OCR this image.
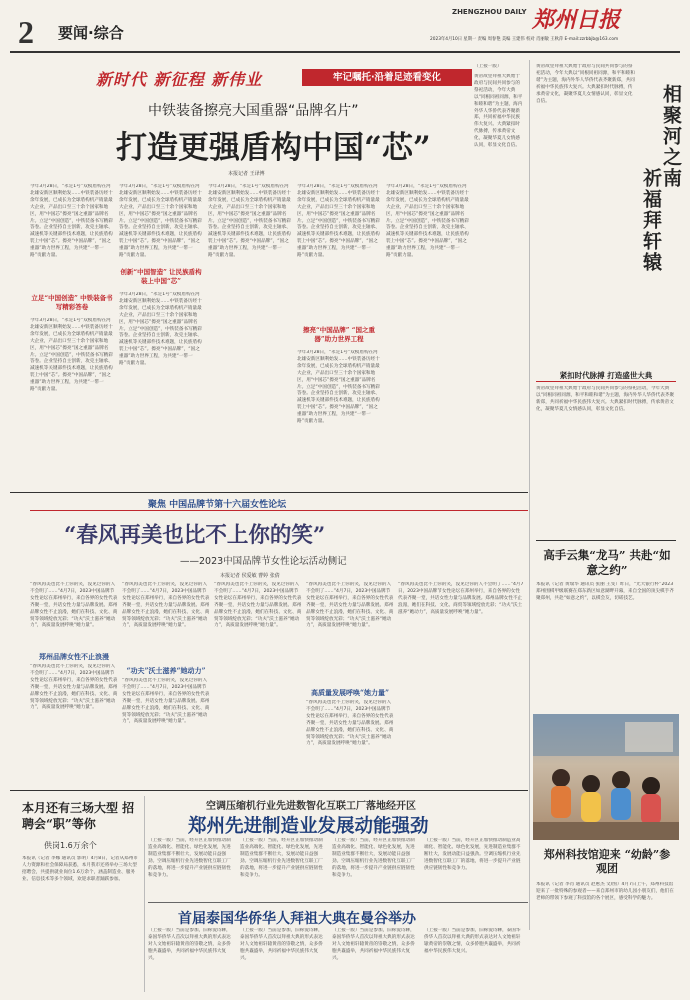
2 要闻·综合
ZHENGZHOU DAILY 郑州日报
2023年4月10日 星期一 责编 周春艳 美编 王建伟 校对 肖丽敏 王秋萍 E-mail:zzrbbjb@163.com
新时代 新征程 新伟业	牢记嘱托·沿着足迹看变化
中铁装备擦亮大国重器“品牌名片”
打造更强盾构中国“芯”
本报记者 王译博
今年3月28日，“永定1号”双模盾构在河北雄安新区顺利始发……中铁装备历经十余年发展，已成长为全球盾构机产销量最大企业，产品出口至三十余个国家和地区，用“中国芯”擦亮“国之重器”品牌名片。立足“中国创造”，中铁装备书写精彩答卷。企业坚持自主创新，攻克主轴承、减速机等关键部件技术难题，让民族盾构装上中国“芯”。擦亮“中国品牌”，“国之重器”助力世界工程，为共建“一带一路”贡献力量。
立足“中国创造” 中铁装备书写精彩答卷
今年3月28日，“永定1号”双模盾构在河北雄安新区顺利始发……中铁装备历经十余年发展，已成长为全球盾构机产销量最大企业，产品出口至三十余个国家和地区，用“中国芯”擦亮“国之重器”品牌名片。立足“中国创造”，中铁装备书写精彩答卷。企业坚持自主创新，攻克主轴承、减速机等关键部件技术难题，让民族盾构装上中国“芯”。擦亮“中国品牌”，“国之重器”助力世界工程，为共建“一带一路”贡献力量。
今年3月28日，“永定1号”双模盾构在河北雄安新区顺利始发……中铁装备历经十余年发展，已成长为全球盾构机产销量最大企业，产品出口至三十余个国家和地区，用“中国芯”擦亮“国之重器”品牌名片。立足“中国创造”，中铁装备书写精彩答卷。企业坚持自主创新，攻克主轴承、减速机等关键部件技术难题，让民族盾构装上中国“芯”。擦亮“中国品牌”，“国之重器”助力世界工程，为共建“一带一路”贡献力量。
创新“中国智造” 让民族盾构装上中国“芯”
今年3月28日，“永定1号”双模盾构在河北雄安新区顺利始发……中铁装备历经十余年发展，已成长为全球盾构机产销量最大企业，产品出口至三十余个国家和地区，用“中国芯”擦亮“国之重器”品牌名片。立足“中国创造”，中铁装备书写精彩答卷。企业坚持自主创新，攻克主轴承、减速机等关键部件技术难题，让民族盾构装上中国“芯”。擦亮“中国品牌”，“国之重器”助力世界工程，为共建“一带一路”贡献力量。
今年3月28日，“永定1号”双模盾构在河北雄安新区顺利始发……中铁装备历经十余年发展，已成长为全球盾构机产销量最大企业，产品出口至三十余个国家和地区，用“中国芯”擦亮“国之重器”品牌名片。立足“中国创造”，中铁装备书写精彩答卷。企业坚持自主创新，攻克主轴承、减速机等关键部件技术难题，让民族盾构装上中国“芯”。擦亮“中国品牌”，“国之重器”助力世界工程，为共建“一带一路”贡献力量。
今年3月28日，“永定1号”双模盾构在河北雄安新区顺利始发……中铁装备历经十余年发展，已成长为全球盾构机产销量最大企业，产品出口至三十余个国家和地区，用“中国芯”擦亮“国之重器”品牌名片。立足“中国创造”，中铁装备书写精彩答卷。企业坚持自主创新，攻克主轴承、减速机等关键部件技术难题，让民族盾构装上中国“芯”。擦亮“中国品牌”，“国之重器”助力世界工程，为共建“一带一路”贡献力量。
擦亮“中国品牌” “国之重器”助力世界工程
今年3月28日，“永定1号”双模盾构在河北雄安新区顺利始发……中铁装备历经十余年发展，已成长为全球盾构机产销量最大企业，产品出口至三十余个国家和地区，用“中国芯”擦亮“国之重器”品牌名片。立足“中国创造”，中铁装备书写精彩答卷。企业坚持自主创新，攻克主轴承、减速机等关键部件技术难题，让民族盾构装上中国“芯”。擦亮“中国品牌”，“国之重器”助力世界工程，为共建“一带一路”贡献力量。
今年3月28日，“永定1号”双模盾构在河北雄安新区顺利始发……中铁装备历经十余年发展，已成长为全球盾构机产销量最大企业，产品出口至三十余个国家和地区，用“中国芯”擦亮“国之重器”品牌名片。立足“中国创造”，中铁装备书写精彩答卷。企业坚持自主创新，攻克主轴承、减速机等关键部件技术难题，让民族盾构装上中国“芯”。擦亮“中国品牌”，“国之重器”助力世界工程，为共建“一带一路”贡献力量。
（上接一版）
黄帝故里拜祖大典始于政府与民间共同参与的祭祀活动，今年大典以“同根同祖同源，和平和睦和谐”为主题，海内外华人华侨代表齐聚新郑，共同祈福中华民族伟大复兴。大典紧扣时代脉搏，传承黄帝文化，凝聚华夏儿女情感认同，彰显文化自信。
黄帝故里拜祖大典始于政府与民间共同参与的祭祀活动，今年大典以“同根同祖同源，和平和睦和谐”为主题，海内外华人华侨代表齐聚新郑，共同祈福中华民族伟大复兴。大典紧扣时代脉搏，传承黄帝文化，凝聚华夏儿女情感认同，彰显文化自信。	相聚河之南
祈福拜轩辕
紧扣时代脉搏 打造盛世大典
黄帝故里拜祖大典始于政府与民间共同参与的祭祀活动，今年大典以“同根同祖同源，和平和睦和谐”为主题，海内外华人华侨代表齐聚新郑，共同祈福中华民族伟大复兴。大典紧扣时代脉搏，传承黄帝文化，凝聚华夏儿女情感认同，彰显文化自信。
聚焦 中国品牌节第十六届女性论坛
“春风再美也比不上你的笑”
——2023中国品牌节女性论坛活动侧记
本报记者 侯爱敏 曹婷 张倩
“春风再美也比不上你的笑，没见过你的人不会明了……”4月7日，2023中国品牌节女性论坛在郑州举行，来自各界的女性代表齐聚一堂，共话女性力量与品牌发展。郑州品牌女性不止浪漫，她们在科技、文化、商贸等领域绽放光彩；“功夫”沃土滋养“她动力”，高质量发展呼唤“她力量”。
郑州品牌女性不止浪漫
“春风再美也比不上你的笑，没见过你的人不会明了……”4月7日，2023中国品牌节女性论坛在郑州举行，来自各界的女性代表齐聚一堂，共话女性力量与品牌发展。郑州品牌女性不止浪漫，她们在科技、文化、商贸等领域绽放光彩；“功夫”沃土滋养“她动力”，高质量发展呼唤“她力量”。
“春风再美也比不上你的笑，没见过你的人不会明了……”4月7日，2023中国品牌节女性论坛在郑州举行，来自各界的女性代表齐聚一堂，共话女性力量与品牌发展。郑州品牌女性不止浪漫，她们在科技、文化、商贸等领域绽放光彩；“功夫”沃土滋养“她动力”，高质量发展呼唤“她力量”。
“功夫”沃土滋养“她动力”
“春风再美也比不上你的笑，没见过你的人不会明了……”4月7日，2023中国品牌节女性论坛在郑州举行，来自各界的女性代表齐聚一堂，共话女性力量与品牌发展。郑州品牌女性不止浪漫，她们在科技、文化、商贸等领域绽放光彩；“功夫”沃土滋养“她动力”，高质量发展呼唤“她力量”。
“春风再美也比不上你的笑，没见过你的人不会明了……”4月7日，2023中国品牌节女性论坛在郑州举行，来自各界的女性代表齐聚一堂，共话女性力量与品牌发展。郑州品牌女性不止浪漫，她们在科技、文化、商贸等领域绽放光彩；“功夫”沃土滋养“她动力”，高质量发展呼唤“她力量”。
“春风再美也比不上你的笑，没见过你的人不会明了……”4月7日，2023中国品牌节女性论坛在郑州举行，来自各界的女性代表齐聚一堂，共话女性力量与品牌发展。郑州品牌女性不止浪漫，她们在科技、文化、商贸等领域绽放光彩；“功夫”沃土滋养“她动力”，高质量发展呼唤“她力量”。
高质量发展呼唤“她力量”
“春风再美也比不上你的笑，没见过你的人不会明了……”4月7日，2023中国品牌节女性论坛在郑州举行，来自各界的女性代表齐聚一堂，共话女性力量与品牌发展。郑州品牌女性不止浪漫，她们在科技、文化、商贸等领域绽放光彩；“功夫”沃土滋养“她动力”，高质量发展呼唤“她力量”。
“春风再美也比不上你的笑，没见过你的人不会明了……”4月7日，2023中国品牌节女性论坛在郑州举行，来自各界的女性代表齐聚一堂，共话女性力量与品牌发展。郑州品牌女性不止浪漫，她们在科技、文化、商贸等领域绽放光彩；“功夫”沃土滋养“她动力”，高质量发展呼唤“她力量”。
高手云集“龙马” 共赴“如意之约”
本报讯（记者 黄瑞华 通讯员 张丽 王雯）昨日，“光大银行杯”2023郑州围棋甲级联赛在郑东新区如意湖畔开幕，来自全国的顶尖棋手齐聚郑州，共赴“如意之约”，以棋会友，切磋技艺。
本月还有三场大型 招聘会“职”等你
供岗1.6万余个
本报讯（记者 李娜 通讯员 郭明）4月8日，记者从郑州市人力资源和社会保障局获悉，本月我市还将举办三场大型招聘会，共提供就业岗位1.6万余个，涵盖制造业、服务业、信息技术等多个领域，欢迎求职者踊跃参加。
空调压缩机行业先进数智化互联工厂落地经开区
郑州先进制造业发展动能强劲
（上接一版）当前，经开区正加快推动制造业高端化、智能化、绿色化发展，先进制造业集群不断壮大，发展动能日益强劲。空调压缩机行业先进数智化互联工厂的落地，将进一步提升产业链供应链韧性和竞争力。
（上接一版）当前，经开区正加快推动制造业高端化、智能化、绿色化发展，先进制造业集群不断壮大，发展动能日益强劲。空调压缩机行业先进数智化互联工厂的落地，将进一步提升产业链供应链韧性和竞争力。
（上接一版）当前，经开区正加快推动制造业高端化、智能化、绿色化发展，先进制造业集群不断壮大，发展动能日益强劲。空调压缩机行业先进数智化互联工厂的落地，将进一步提升产业链供应链韧性和竞争力。
（上接一版）当前，经开区正加快推动制造业高端化、智能化、绿色化发展，先进制造业集群不断壮大，发展动能日益强劲。空调压缩机行业先进数智化互联工厂的落地，将进一步提升产业链供应链韧性和竞争力。
首届泰国华侨华人拜祖大典在曼谷举办
（上接一版）当前是参加，旧称爱诗聊，泰国华侨华人首次以拜祖大典的形式表达对人文始祖轩辕黄帝的崇敬之情，众多侨胞共襄盛举，共同祈福中华民族伟大复兴。
（上接一版）当前是参加，旧称爱诗聊，泰国华侨华人首次以拜祖大典的形式表达对人文始祖轩辕黄帝的崇敬之情，众多侨胞共襄盛举，共同祈福中华民族伟大复兴。
（上接一版）当前是参加，旧称爱诗聊，泰国华侨华人首次以拜祖大典的形式表达对人文始祖轩辕黄帝的崇敬之情，众多侨胞共襄盛举，共同祈福中华民族伟大复兴。
（上接一版）当前是参加，旧称爱诗聊，泰国华侨华人首次以拜祖大典的形式表达对人文始祖轩辕黄帝的崇敬之情，众多侨胞共襄盛举，共同祈福中华民族伟大复兴。
郑州科技馆迎来 “幼龄”参观团
本报讯（记者 李肖 通讯员 赵惠杰 文/图）4月7日上午，郑州科技馆迎来了一批特殊的参观者——来自郑州市的幼儿园小朋友们，他们在老师的带领下参观了科技馆的各个展区，感受科学的魅力。
